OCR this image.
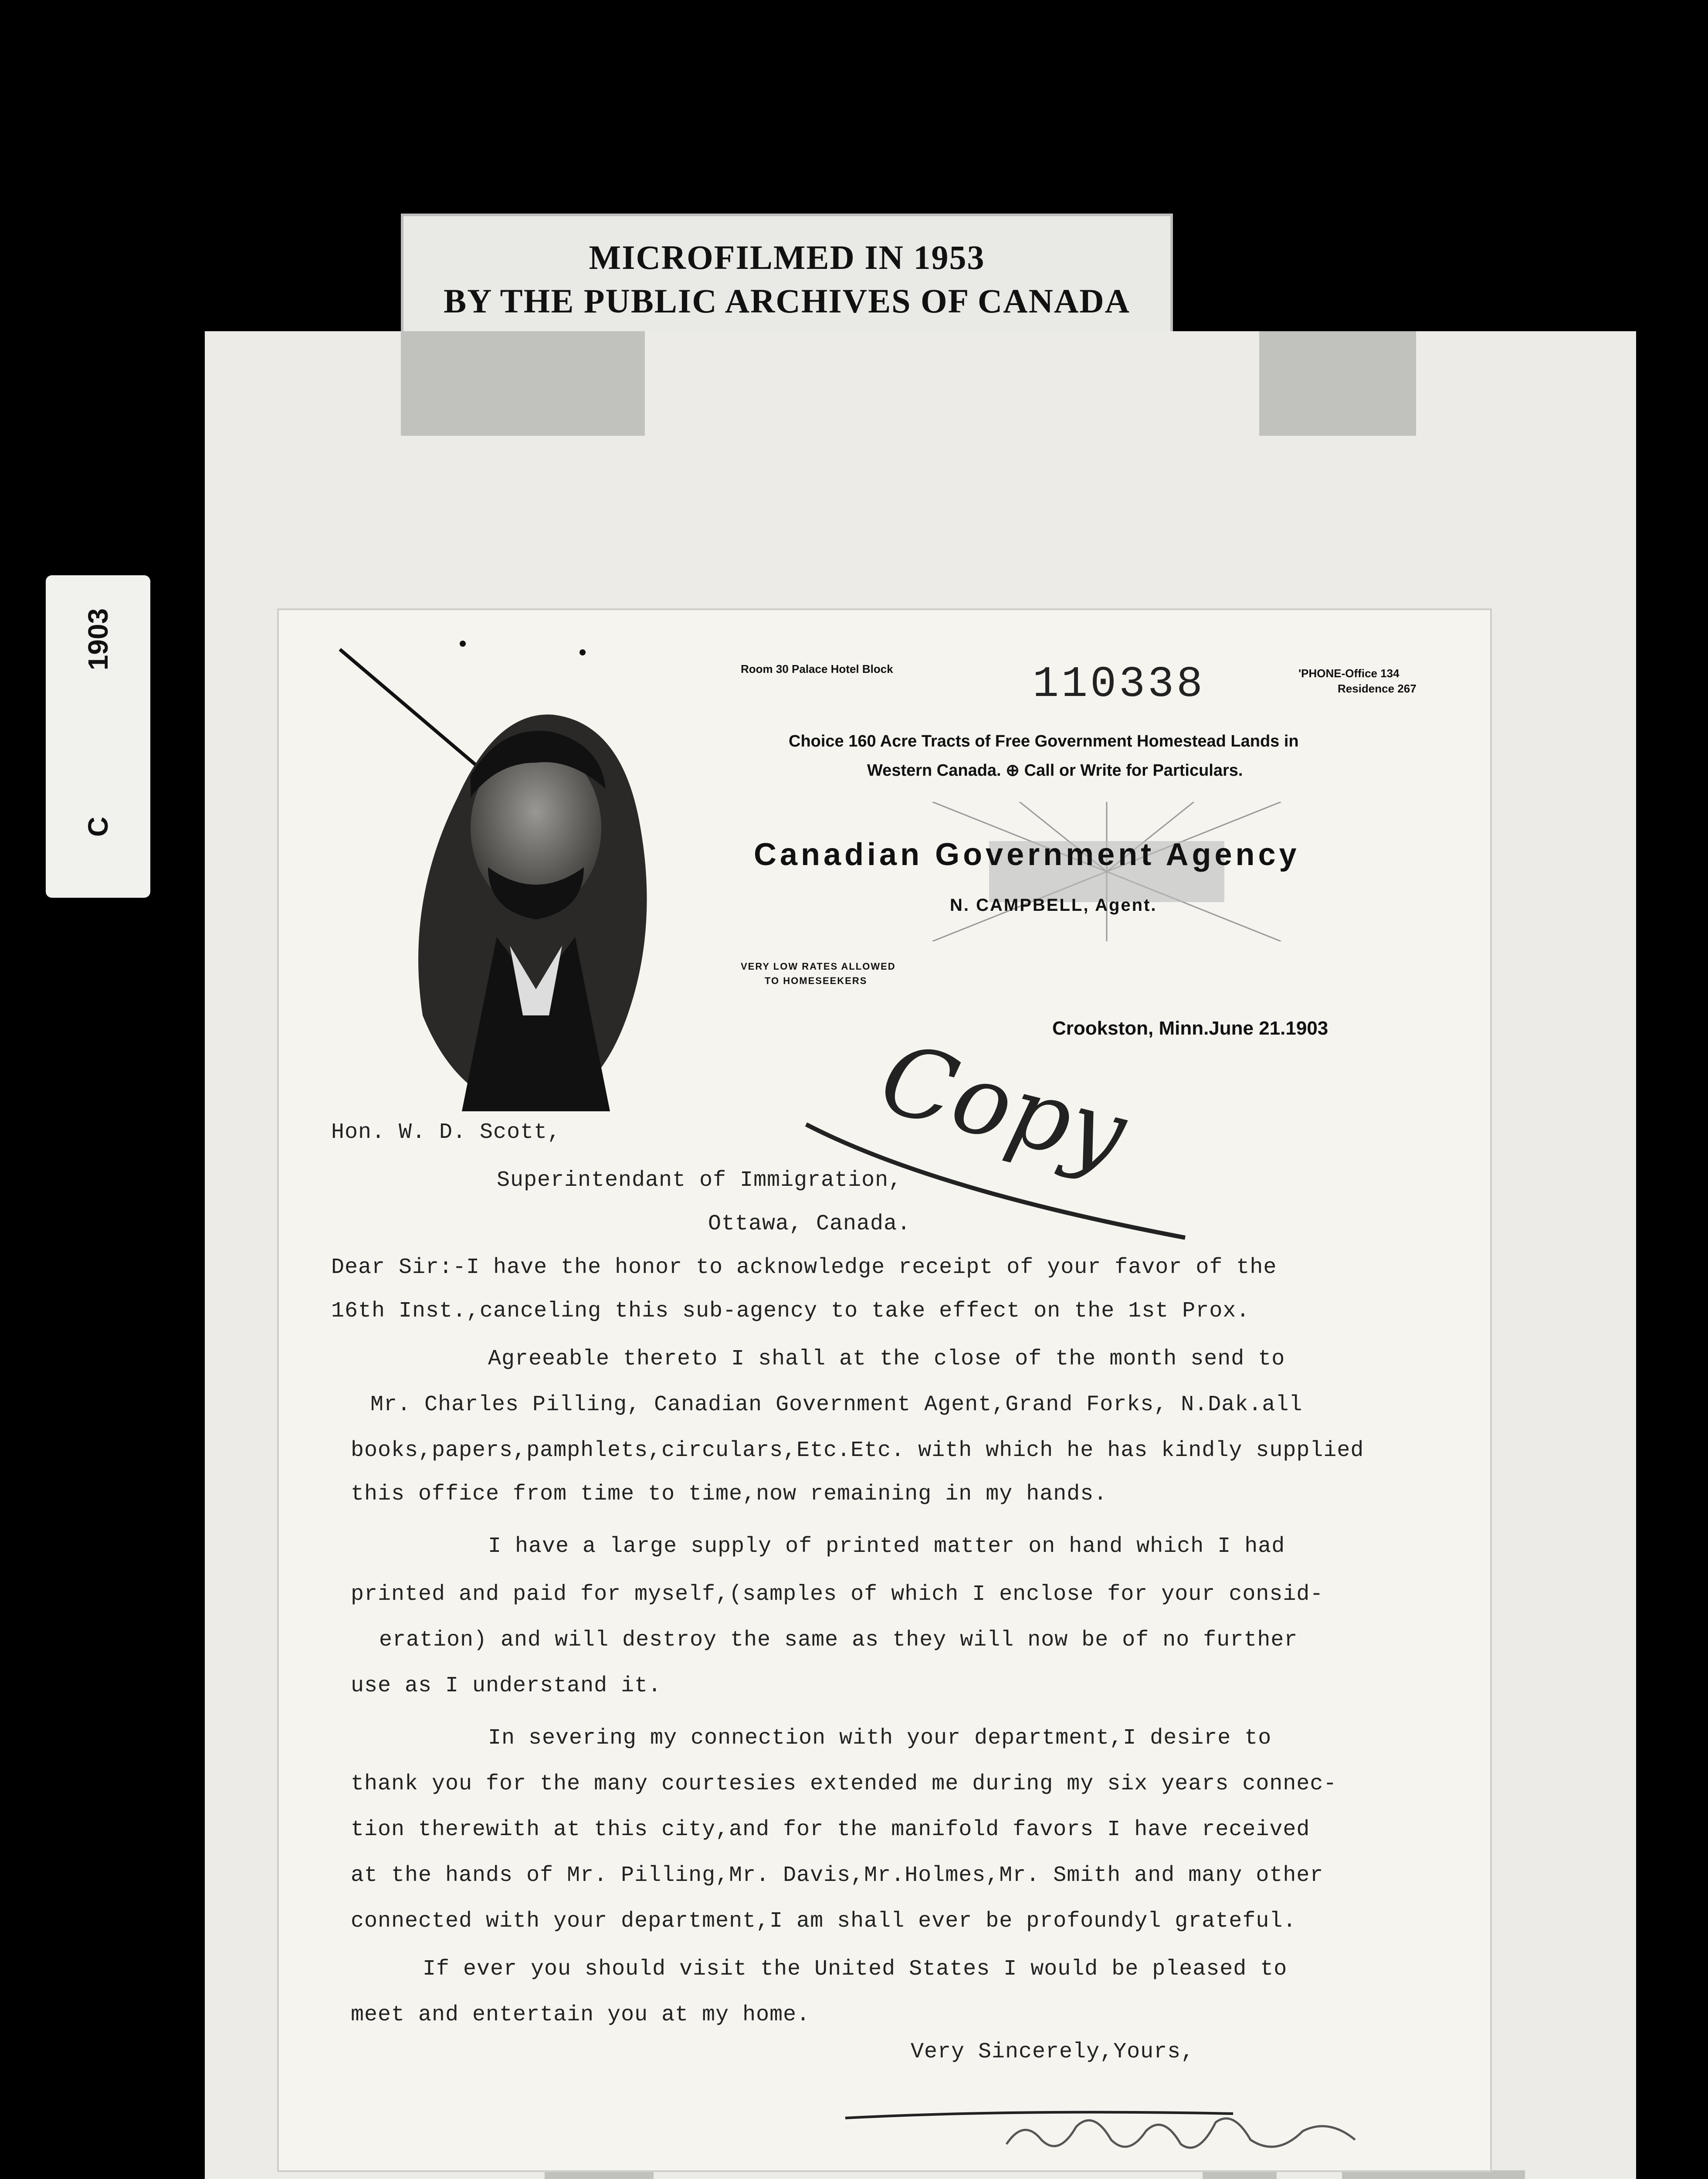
MICROFILMED IN 1953
BY THE PUBLIC ARCHIVES OF CANADA
1903
C
Room 30 Palace Hotel Block	110338	'PHONE-Office 134
Residence 267
Choice 160 Acre Tracts of Free Government Homestead Lands in
Western Canada. ⊕ Call or Write for Particulars.
Canadian Government Agency
N. CAMPBELL, Agent.
VERY LOW RATES ALLOWED
TO HOMESEEKERS
Crookston, Minn.June 21.1903
Copy
Hon. W. D. Scott,
Superintendant of Immigration,
Ottawa, Canada.
Dear Sir:-I have the honor to acknowledge receipt of your favor of the
16th Inst.,canceling this sub-agency to take effect on the 1st Prox.
Agreeable thereto I shall at the close of the month send to
Mr. Charles Pilling, Canadian Government Agent,Grand Forks, N.Dak.all
books,papers,pamphlets,circulars,Etc.Etc. with which he has kindly supplied
this office from time to time,now remaining in my hands.
I have a large supply of printed matter on hand which I had
printed and paid for myself,(samples of which I enclose for your consid-
eration) and will destroy the same as they will now be of no further
use as I understand it.
In severing my connection with your department,I desire to
thank you for the many courtesies extended me during my six years connec-
tion therewith at this city,and for the manifold favors I have received
at the hands of Mr. Pilling,Mr. Davis,Mr.Holmes,Mr. Smith and many other
connected with your department,I am shall ever be profoundyl grateful.
If ever you should visit the United States I would be pleased to
meet and entertain you at my home.
Very Sincerely,Yours,
